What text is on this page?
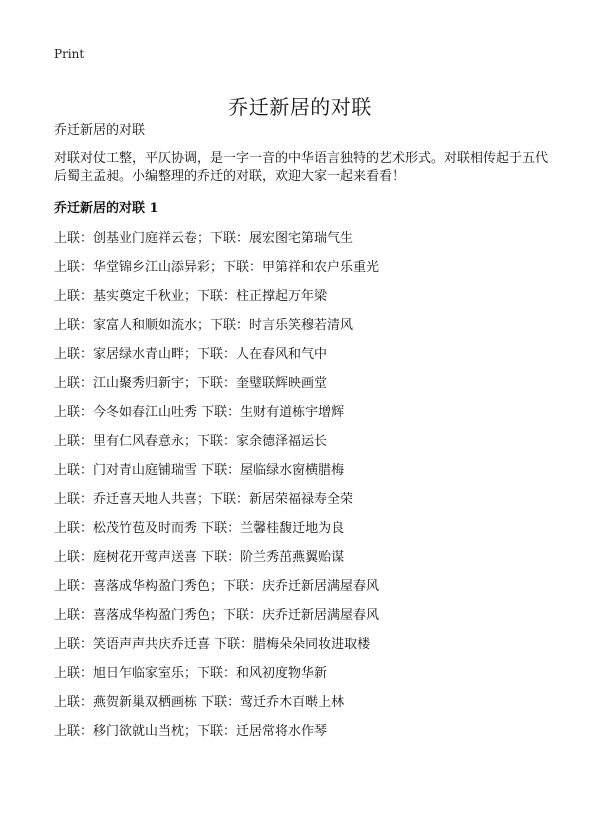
Print
乔迁新居的对联
乔迁新居的对联
对联对仗工整，平仄协调，是一字一音的中华语言独特的艺术形式。对联相传起于五代后蜀主孟昶。小编整理的乔迁的对联，欢迎大家一起来看看！
乔迁新居的对联 1
上联：创基业门庭祥云卷；下联：展宏图宅第瑞气生
上联：华堂锦乡江山添异彩；下联：甲第祥和农户乐重光
上联：基实奠定千秋业；下联：柱正撑起万年梁
上联：家富人和顺如流水；下联：时言乐笑穆若清风
上联：家居绿水青山畔；下联：人在春风和气中
上联：江山聚秀归新宇；下联：奎璧联辉映画堂
上联：今冬如春江山吐秀 下联：生财有道栋宇增辉
上联：里有仁风春意永；下联：家余德泽福运长
上联：门对青山庭铺瑞雪 下联：屋临绿水窗横腊梅
上联：乔迁喜天地人共喜；下联：新居荣福禄寿全荣
上联：松茂竹苞及时而秀 下联：兰馨桂馥迁地为良
上联：庭树花开莺声送喜 下联：阶兰秀茁燕翼贻谋
上联：喜落成华构盈门秀色；下联：庆乔迁新居满屋春风
上联：喜落成华构盈门秀色；下联：庆乔迁新居满屋春风
上联：笑语声声共庆乔迁喜 下联：腊梅朵朵同妆进取楼
上联：旭日乍临家室乐；下联：和风初度物华新
上联：燕贺新巢双栖画栋 下联：莺迁乔木百啭上林
上联：移门欲就山当枕；下联：迁居常将水作琴
